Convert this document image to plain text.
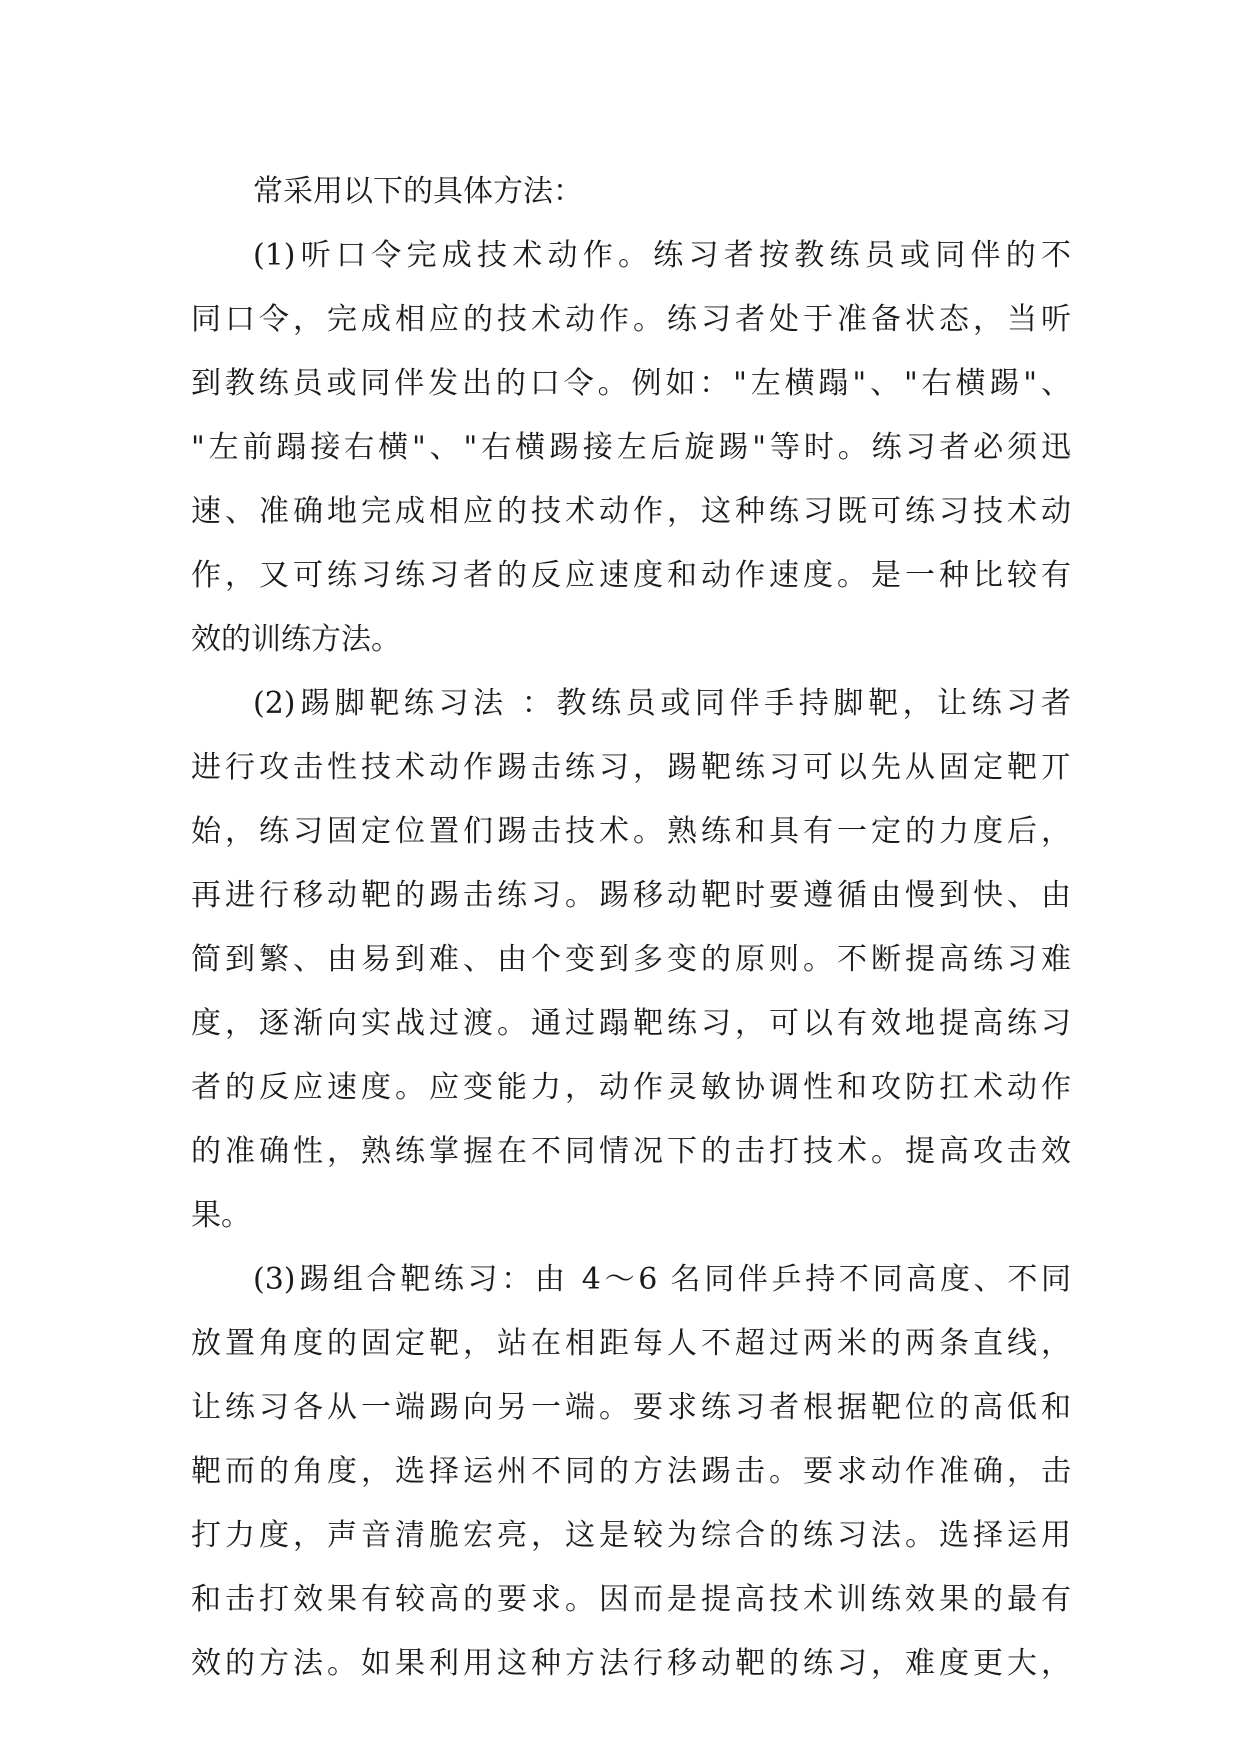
常采用以下的具体方法：
(1)听口令完成技术动作。练习者按教练员或同伴的不
同口令，完成相应的技术动作。练习者处于准备状态，当听
到教练员或同伴发出的口令。例如："左横蹋"、"右横踢"、
"左前蹋接右横"、"右横踢接左后旋踢"等时。练习者必须迅
速、准确地完成相应的技术动作，这种练习既可练习技术动
作，又可练习练习者的反应速度和动作速度。是一种比较有
效的训练方法。
(2)踢脚靶练习法 ：教练员或同伴手持脚靶，让练习者
进行攻击性技术动作踢击练习，踢靶练习可以先从固定靶丌
始，练习固定位置们踢击技术。熟练和具有一定的力度后，
再进行移动靶的踢击练习。踢移动靶时要遵循由慢到快、由
简到繁、由易到难、由个变到多变的原则。不断提高练习难
度，逐渐向实战过渡。通过蹋靶练习，可以有效地提高练习
者的反应速度。应变能力，动作灵敏协调性和攻防扛术动作
的准确性，熟练掌握在不同情况下的击打技术。提高攻击效
果。
(3)踢组合靶练习：由 4～6 名同伴乒持不同高度、不同
放置角度的固定靶，站在相距每人不超过两米的两条直线，
让练习各从一端踢向另一端。要求练习者根据靶位的高低和
靶而的角度，选择运州不同的方法踢击。要求动作准确，击
打力度，声音清脆宏亮，这是较为综合的练习法。选择运用
和击打效果有较高的要求。因而是提高技术训练效果的最有
效的方法。如果利用这种方法行移动靶的练习，难度更大，
